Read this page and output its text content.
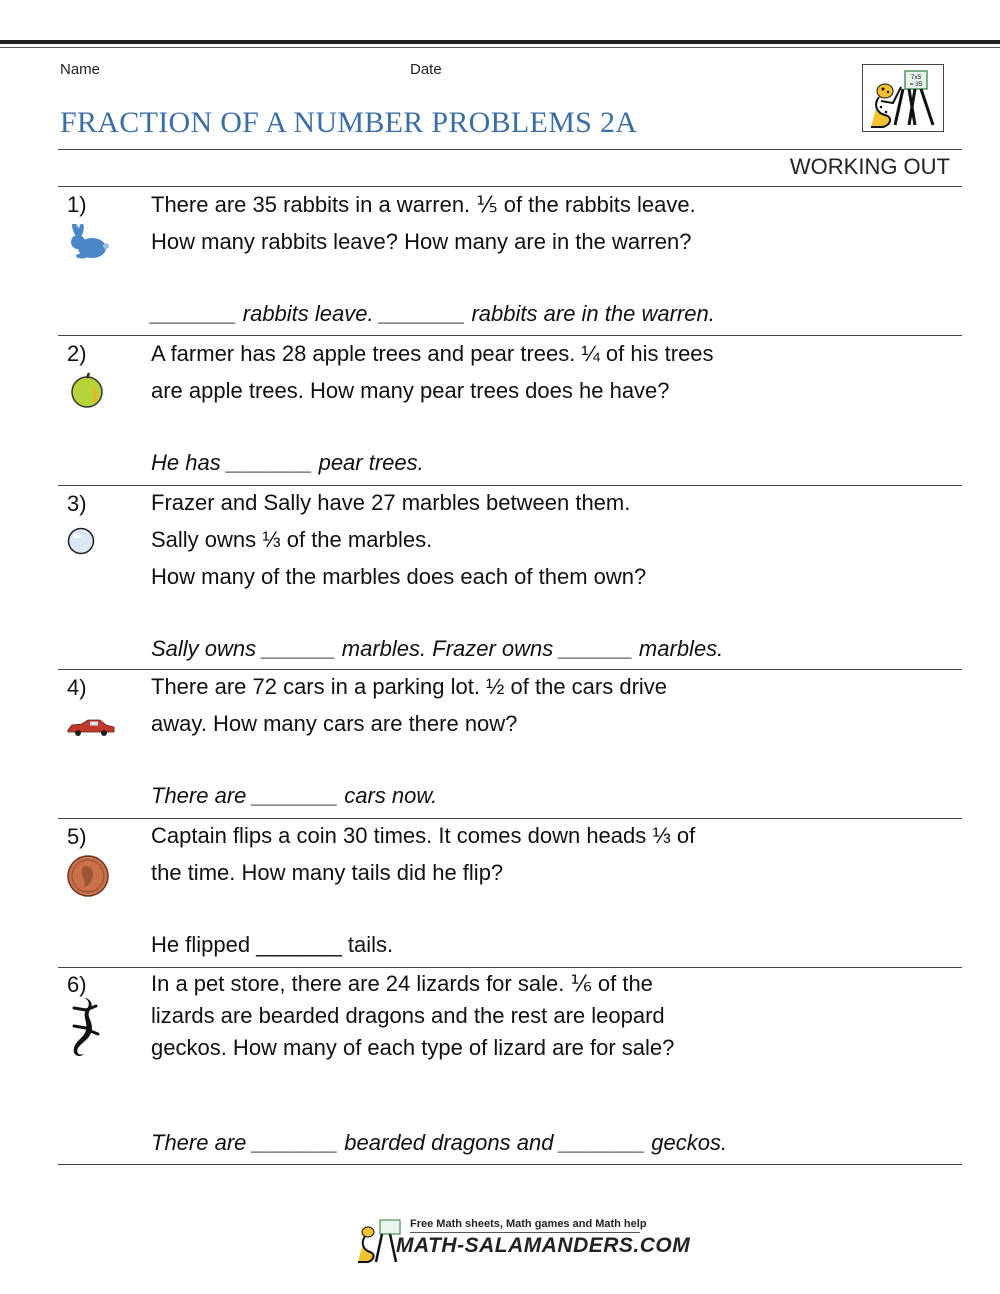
Name	Date
FRACTION OF A NUMBER PROBLEMS 2A
7x5
= 35
WORKING OUT
1)	There are 35 rabbits in a warren. ⅕ of the rabbits leave.
How many rabbits leave? How many are in the warren?
_______ rabbits leave. _______ rabbits are in the warren.
2)	A farmer has 28 apple trees and pear trees. ¼ of his trees
are apple trees. How many pear trees does he have?
He has _______ pear trees.
3)	Frazer and Sally have 27 marbles between them.
Sally owns ⅓ of the marbles.
How many of the marbles does each of them own?
Sally owns ______ marbles. Frazer owns ______ marbles.
4)	There are 72 cars in a parking lot. ½ of the cars drive
away. How many cars are there now?
There are _______ cars now.
5)	Captain flips a coin 30 times. It comes down heads ⅓ of
the time. How many tails did he flip?
He flipped _______ tails.
6)	In a pet store, there are 24 lizards for sale. ⅙ of the
lizards are bearded dragons and the rest are leopard
geckos. How many of each type of lizard are for sale?
There are _______ bearded dragons and _______ geckos.
Free Math sheets, Math games and Math help
MATH-SALAMANDERS.COM
